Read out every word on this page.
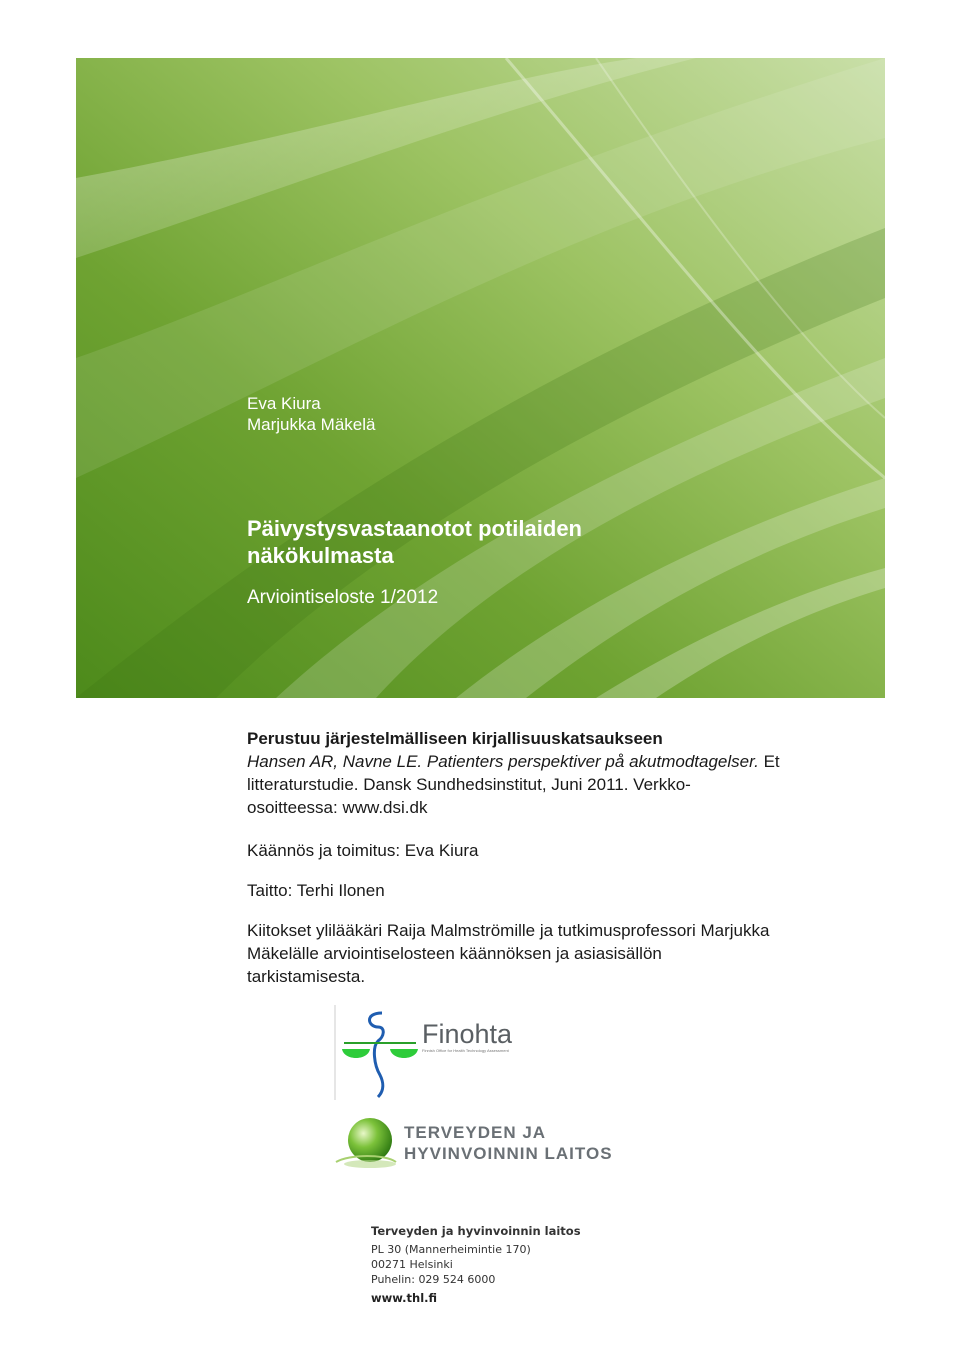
Eva Kiura
Marjukka Mäkelä
Päivystysvastaanotot potilaiden
näkökulmasta
Arviointiseloste 1/2012
Perustuu järjestelmälliseen kirjallisuuskatsaukseen
Hansen AR, Navne LE. Patienters perspektiver på akutmodtagelser. Et
litteraturstudie. Dansk Sundhedsinstitut, Juni 2011. Verkko-
osoitteessa: www.dsi.dk
Käännös ja toimitus: Eva Kiura
Taitto: Terhi Ilonen
Kiitokset ylilääkäri Raija Malmströmille ja tutkimusprofessori Marjukka
Mäkelälle arviointiselosteen käännöksen ja asiasisällön
tarkistamisesta.
Finohta
Finnish Office for Health Technology Assessment
TERVEYDEN JA
HYVINVOINNIN LAITOS
Terveyden ja hyvinvoinnin laitos
PL 30 (Mannerheimintie 170)
00271 Helsinki
Puhelin: 029 524 6000
www.thl.fi
